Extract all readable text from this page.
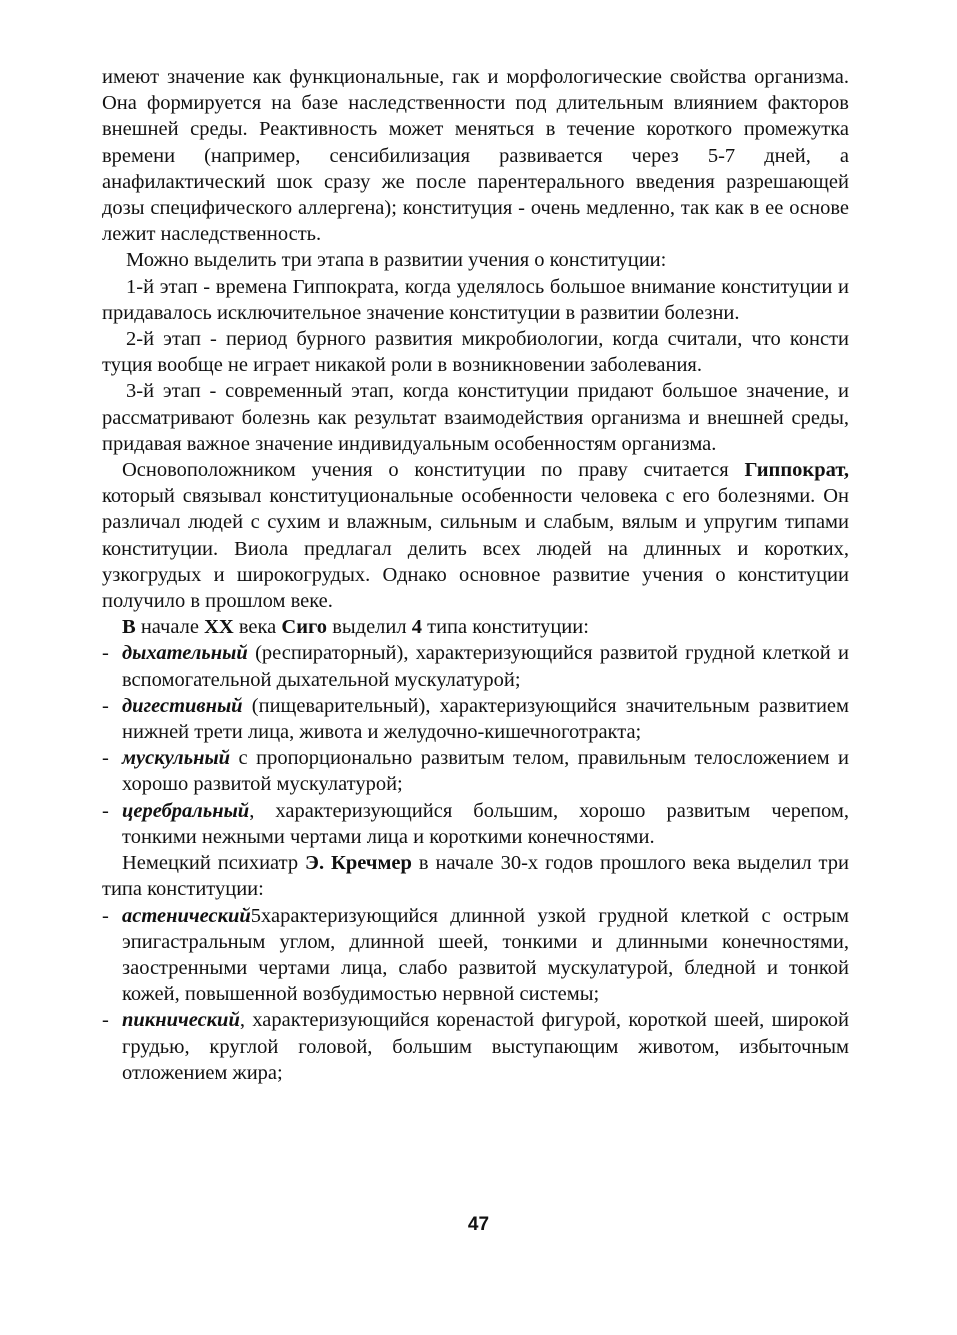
имеют значение как функциональные, гак и морфологические свойства организма. Она формируется на базе наследственности под длительным влиянием факторов внешней среды. Реактивность может меняться в течение короткого промежутка времени (например, сенсибилизация развивается через 5-7 дней, а анафилактический шок сразу же после парентерального введения разрешающей дозы специфического аллергена); конституция - очень медленно, так как в ее основе лежит наследственность.

Можно выделить три этапа в развитии учения о конституции:

1-й этап - времена Гиппократа, когда уделялось большое внимание конституции и придавалось исключительное значение конституции в развитии болезни.

2-й этап - период бурного развития микробиологии, когда считали, что консти туция вообще не играет никакой роли в возникновении заболевания.

3-й этап - современный этап, когда конституции придают большое значение, и рассматривают болезнь как результат взаимодействия организма и внешней среды, придавая важное значение индивидуальным особенностям организма.

Основоположником учения о конституции по праву считается Гиппократ, который связывал конституциональные особенности человека с его болезнями. Он различал людей с сухим и влажным, сильным и слабым, вялым и упругим типами конституции. Виола предлагал делить всех людей на длинных и коротких, узкогрудых и широкогрудых. Однако основное развитие учения о конституции получило в прошлом веке.

В начале XX века Сиго выделил 4 типа конституции:

- дыхательный (респираторный), характеризующийся развитой грудной клеткой и вспомогательной дыхательной мускулатурой;
- дигестивный (пищеварительный), характеризующийся значительным развитием нижней трети лица, живота и желудочно-кишечноготракта;
- мускульный с пропорционально развитым телом, правильным телосложением и хорошо развитой мускулатурой;
- церебральный, характеризующийся большим, хорошо развитым черепом, тонкими нежными чертами лица и короткими конечностями.

Немецкий психиатр Э. Кречмер в начале 30-х годов прошлого века выделил три типа конституции:

- астенический5характеризующийся длинной узкой грудной клеткой с острым эпигастральным углом, длинной шеей, тонкими и длинными конечностями, заостренными чертами лица, слабо развитой мускулатурой, бледной и тонкой кожей, повышенной возбудимостью нервной системы;
- пикнический, характеризующийся коренастой фигурой, короткой шеей, широкой грудью, круглой головой, большим выступающим животом, избыточным отложением жира;
47
